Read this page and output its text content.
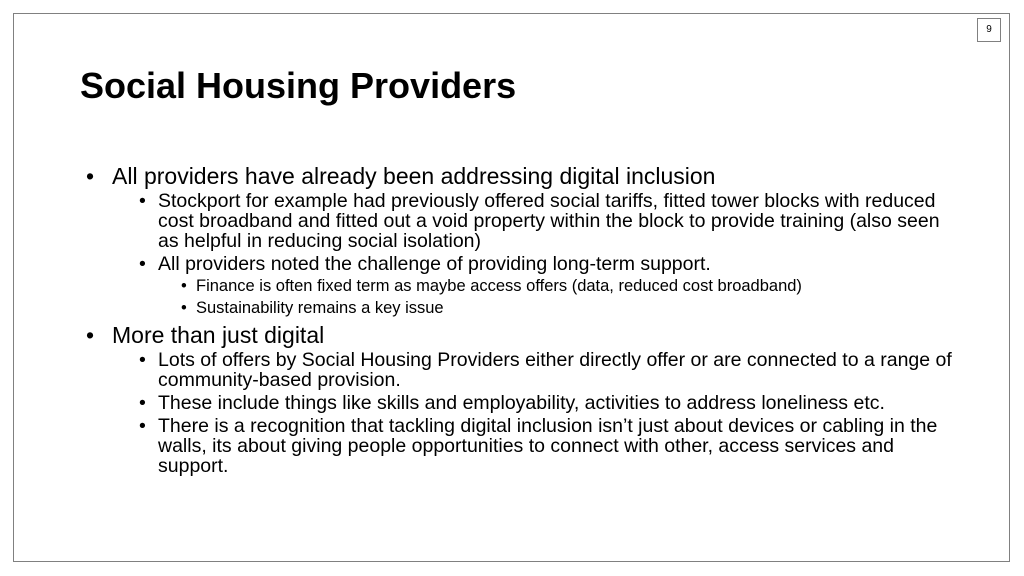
9
Social Housing Providers
• All providers have already been addressing digital inclusion
• Stockport for example had previously offered social tariffs, fitted tower blocks with reduced cost broadband and fitted out a void property within the block to provide training (also seen as helpful in reducing social isolation)
• All providers noted the challenge of providing long-term support.
• Finance is often fixed term as maybe access offers (data, reduced cost broadband)
• Sustainability remains a key issue
• More than just digital
• Lots of offers by Social Housing Providers either directly offer or are connected to a range of community-based provision.
• These include things like skills and employability, activities to address loneliness etc.
• There is a recognition that tackling digital inclusion isn’t just about devices or cabling in the walls, its about giving people opportunities to connect with other, access services and support.
